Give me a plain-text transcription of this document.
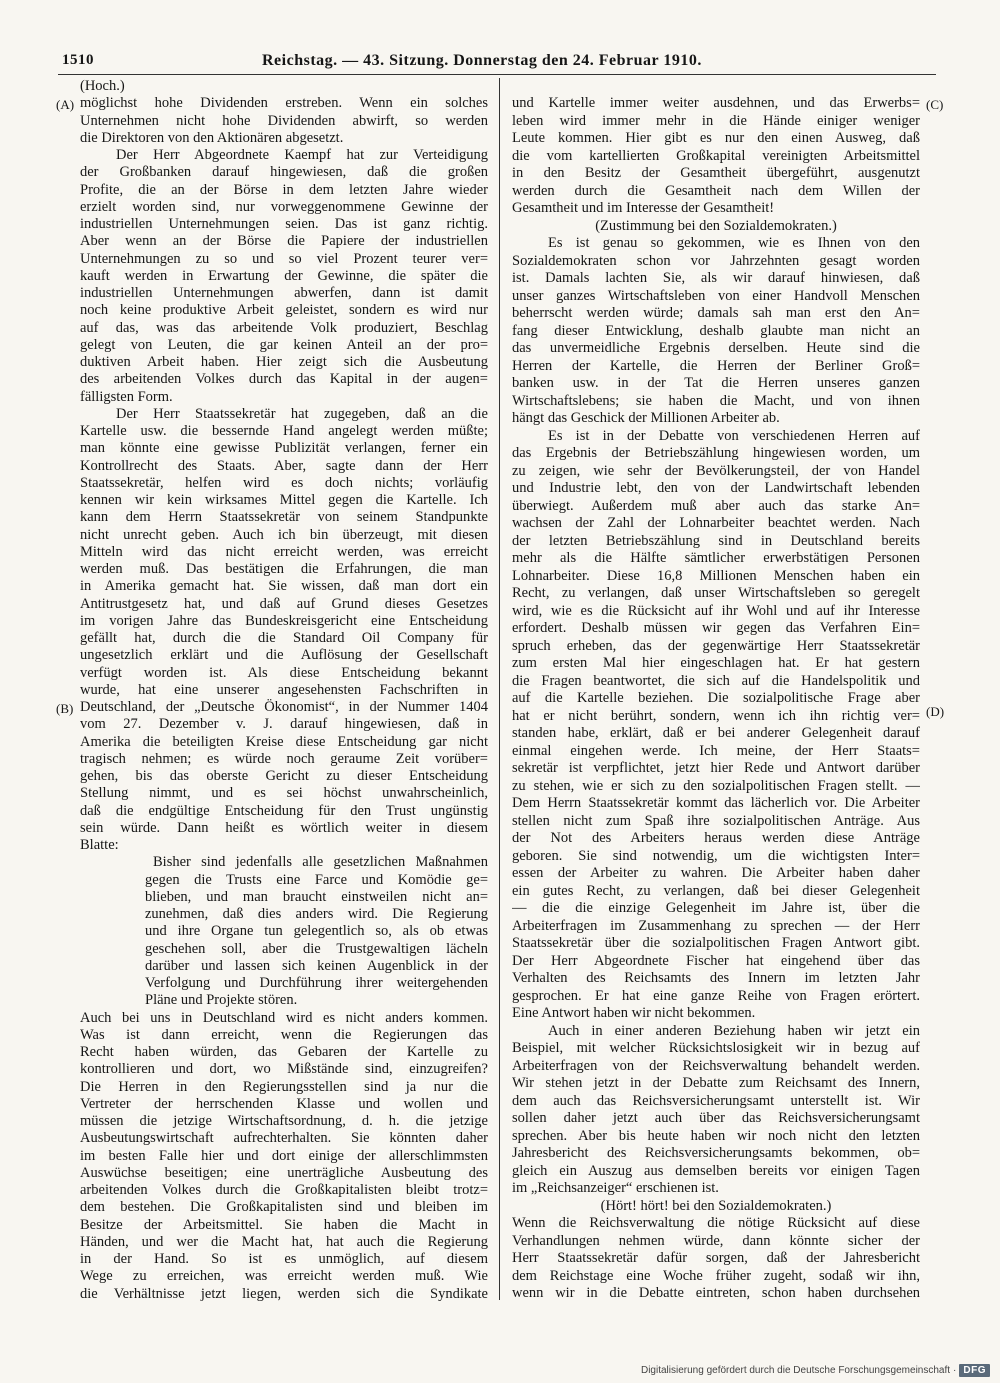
1510	Reichstag. — 43. Sitzung. Donnerstag den 24. Februar 1910.
(A)
(B)
(C)
(D)
(Hoch.)
möglichst hohe Dividenden erstreben. Wenn ein solches
Unternehmen nicht hohe Dividenden abwirft, so werden
die Direktoren von den Aktionären abgesetzt.
Der Herr Abgeordnete Kaempf hat zur Verteidigung
der Großbanken darauf hingewiesen, daß die großen
Profite, die an der Börse in dem letzten Jahre wieder
erzielt worden sind, nur vorweggenommene Gewinne der
industriellen Unternehmungen seien. Das ist ganz richtig.
Aber wenn an der Börse die Papiere der industriellen
Unternehmungen zu so und so viel Prozent teurer ver=
kauft werden in Erwartung der Gewinne, die später die
industriellen Unternehmungen abwerfen, dann ist damit
noch keine produktive Arbeit geleistet, sondern es wird nur
auf das, was das arbeitende Volk produziert, Beschlag
gelegt von Leuten, die gar keinen Anteil an der pro=
duktiven Arbeit haben. Hier zeigt sich die Ausbeutung
des arbeitenden Volkes durch das Kapital in der augen=
fälligsten Form.
Der Herr Staatssekretär hat zugegeben, daß an die
Kartelle usw. die bessernde Hand angelegt werden müßte;
man könnte eine gewisse Publizität verlangen, ferner ein
Kontrollrecht des Staats. Aber, sagte dann der Herr
Staatssekretär, helfen wird es doch nichts; vorläufig
kennen wir kein wirksames Mittel gegen die Kartelle. Ich
kann dem Herrn Staatssekretär von seinem Standpunkte
nicht unrecht geben. Auch ich bin überzeugt, mit diesen
Mitteln wird das nicht erreicht werden, was erreicht
werden muß. Das bestätigen die Erfahrungen, die man
in Amerika gemacht hat. Sie wissen, daß man dort ein
Antitrustgesetz hat, und daß auf Grund dieses Gesetzes
im vorigen Jahre das Bundeskreisgericht eine Entscheidung
gefällt hat, durch die die Standard Oil Company für
ungesetzlich erklärt und die Auflösung der Gesellschaft
verfügt worden ist. Als diese Entscheidung bekannt
wurde, hat eine unserer angesehensten Fachschriften in
Deutschland, der „Deutsche Ökonomist“, in der Nummer 1404
vom 27. Dezember v. J. darauf hingewiesen, daß in
Amerika die beteiligten Kreise diese Entscheidung gar nicht
tragisch nehmen; es würde noch geraume Zeit vorüber=
gehen, bis das oberste Gericht zu dieser Entscheidung
Stellung nimmt, und es sei höchst unwahrscheinlich,
daß die endgültige Entscheidung für den Trust ungünstig
sein würde. Dann heißt es wörtlich weiter in diesem
Blatte:
Bisher sind jedenfalls alle gesetzlichen Maßnahmen
gegen die Trusts eine Farce und Komödie ge=
blieben, und man braucht einstweilen nicht an=
zunehmen, daß dies anders wird. Die Regierung
und ihre Organe tun gelegentlich so, als ob etwas
geschehen soll, aber die Trustgewaltigen lächeln
darüber und lassen sich keinen Augenblick in der
Verfolgung und Durchführung ihrer weitergehenden
Pläne und Projekte stören.
Auch bei uns in Deutschland wird es nicht anders kommen.
Was ist dann erreicht, wenn die Regierungen das
Recht haben würden, das Gebaren der Kartelle zu
kontrollieren und dort, wo Mißstände sind, einzugreifen?
Die Herren in den Regierungsstellen sind ja nur die
Vertreter der herrschenden Klasse und wollen und
müssen die jetzige Wirtschaftsordnung, d. h. die jetzige
Ausbeutungswirtschaft aufrechterhalten. Sie könnten daher
im besten Falle hier und dort einige der allerschlimmsten
Auswüchse beseitigen; eine unerträgliche Ausbeutung des
arbeitenden Volkes durch die Großkapitalisten bleibt trotz=
dem bestehen. Die Großkapitalisten sind und bleiben im
Besitze der Arbeitsmittel. Sie haben die Macht in
Händen, und wer die Macht hat, hat auch die Regierung
in der Hand. So ist es unmöglich, auf diesem
Wege zu erreichen, was erreicht werden muß. Wie
die Verhältnisse jetzt liegen, werden sich die Syndikate
und Kartelle immer weiter ausdehnen, und das Erwerbs=
leben wird immer mehr in die Hände einiger weniger
Leute kommen. Hier gibt es nur den einen Ausweg, daß
die vom kartellierten Großkapital vereinigten Arbeitsmittel
in den Besitz der Gesamtheit übergeführt, ausgenutzt
werden durch die Gesamtheit nach dem Willen der
Gesamtheit und im Interesse der Gesamtheit!
(Zustimmung bei den Sozialdemokraten.)
Es ist genau so gekommen, wie es Ihnen von den
Sozialdemokraten schon vor Jahrzehnten gesagt worden
ist. Damals lachten Sie, als wir darauf hinwiesen, daß
unser ganzes Wirtschaftsleben von einer Handvoll Menschen
beherrscht werden würde; damals sah man erst den An=
fang dieser Entwicklung, deshalb glaubte man nicht an
das unvermeidliche Ergebnis derselben. Heute sind die
Herren der Kartelle, die Herren der Berliner Groß=
banken usw. in der Tat die Herren unseres ganzen
Wirtschaftslebens; sie haben die Macht, und von ihnen
hängt das Geschick der Millionen Arbeiter ab.
Es ist in der Debatte von verschiedenen Herren auf
das Ergebnis der Betriebszählung hingewiesen worden, um
zu zeigen, wie sehr der Bevölkerungsteil, der von Handel
und Industrie lebt, den von der Landwirtschaft lebenden
überwiegt. Außerdem muß aber auch das starke An=
wachsen der Zahl der Lohnarbeiter beachtet werden. Nach
der letzten Betriebszählung sind in Deutschland bereits
mehr als die Hälfte sämtlicher erwerbstätigen Personen
Lohnarbeiter. Diese 16,8 Millionen Menschen haben ein
Recht, zu verlangen, daß unser Wirtschaftsleben so geregelt
wird, wie es die Rücksicht auf ihr Wohl und auf ihr Interesse
erfordert. Deshalb müssen wir gegen das Verfahren Ein=
spruch erheben, das der gegenwärtige Herr Staatssekretär
zum ersten Mal hier eingeschlagen hat. Er hat gestern
die Fragen beantwortet, die sich auf die Handelspolitik und
auf die Kartelle beziehen. Die sozialpolitische Frage aber
hat er nicht berührt, sondern, wenn ich ihn richtig ver=
standen habe, erklärt, daß er bei anderer Gelegenheit darauf
einmal eingehen werde. Ich meine, der Herr Staats=
sekretär ist verpflichtet, jetzt hier Rede und Antwort darüber
zu stehen, wie er sich zu den sozialpolitischen Fragen stellt. —
Dem Herrn Staatssekretär kommt das lächerlich vor. Die Arbeiter
stellen nicht zum Spaß ihre sozialpolitischen Anträge. Aus
der Not des Arbeiters heraus werden diese Anträge
geboren. Sie sind notwendig, um die wichtigsten Inter=
essen der Arbeiter zu wahren. Die Arbeiter haben daher
ein gutes Recht, zu verlangen, daß bei dieser Gelegenheit
— die die einzige Gelegenheit im Jahre ist, über die
Arbeiterfragen im Zusammenhang zu sprechen — der Herr
Staatssekretär über die sozialpolitischen Fragen Antwort gibt.
Der Herr Abgeordnete Fischer hat eingehend über das
Verhalten des Reichsamts des Innern im letzten Jahr
gesprochen. Er hat eine ganze Reihe von Fragen erörtert.
Eine Antwort haben wir nicht bekommen.
Auch in einer anderen Beziehung haben wir jetzt ein
Beispiel, mit welcher Rücksichtslosigkeit wir in bezug auf
Arbeiterfragen von der Reichsverwaltung behandelt werden.
Wir stehen jetzt in der Debatte zum Reichsamt des Innern,
dem auch das Reichsversicherungsamt unterstellt ist. Wir
sollen daher jetzt auch über das Reichsversicherungsamt
sprechen. Aber bis heute haben wir noch nicht den letzten
Jahresbericht des Reichsversicherungsamts bekommen, ob=
gleich ein Auszug aus demselben bereits vor einigen Tagen
im „Reichsanzeiger“ erschienen ist.
(Hört! hört! bei den Sozialdemokraten.)
Wenn die Reichsverwaltung die nötige Rücksicht auf diese
Verhandlungen nehmen würde, dann könnte sicher der
Herr Staatssekretär dafür sorgen, daß der Jahresbericht
dem Reichstage eine Woche früher zugeht, sodaß wir ihn,
wenn wir in die Debatte eintreten, schon haben durchsehen
Digitalisierung gefördert durch die Deutsche Forschungsgemeinschaft · DFG
